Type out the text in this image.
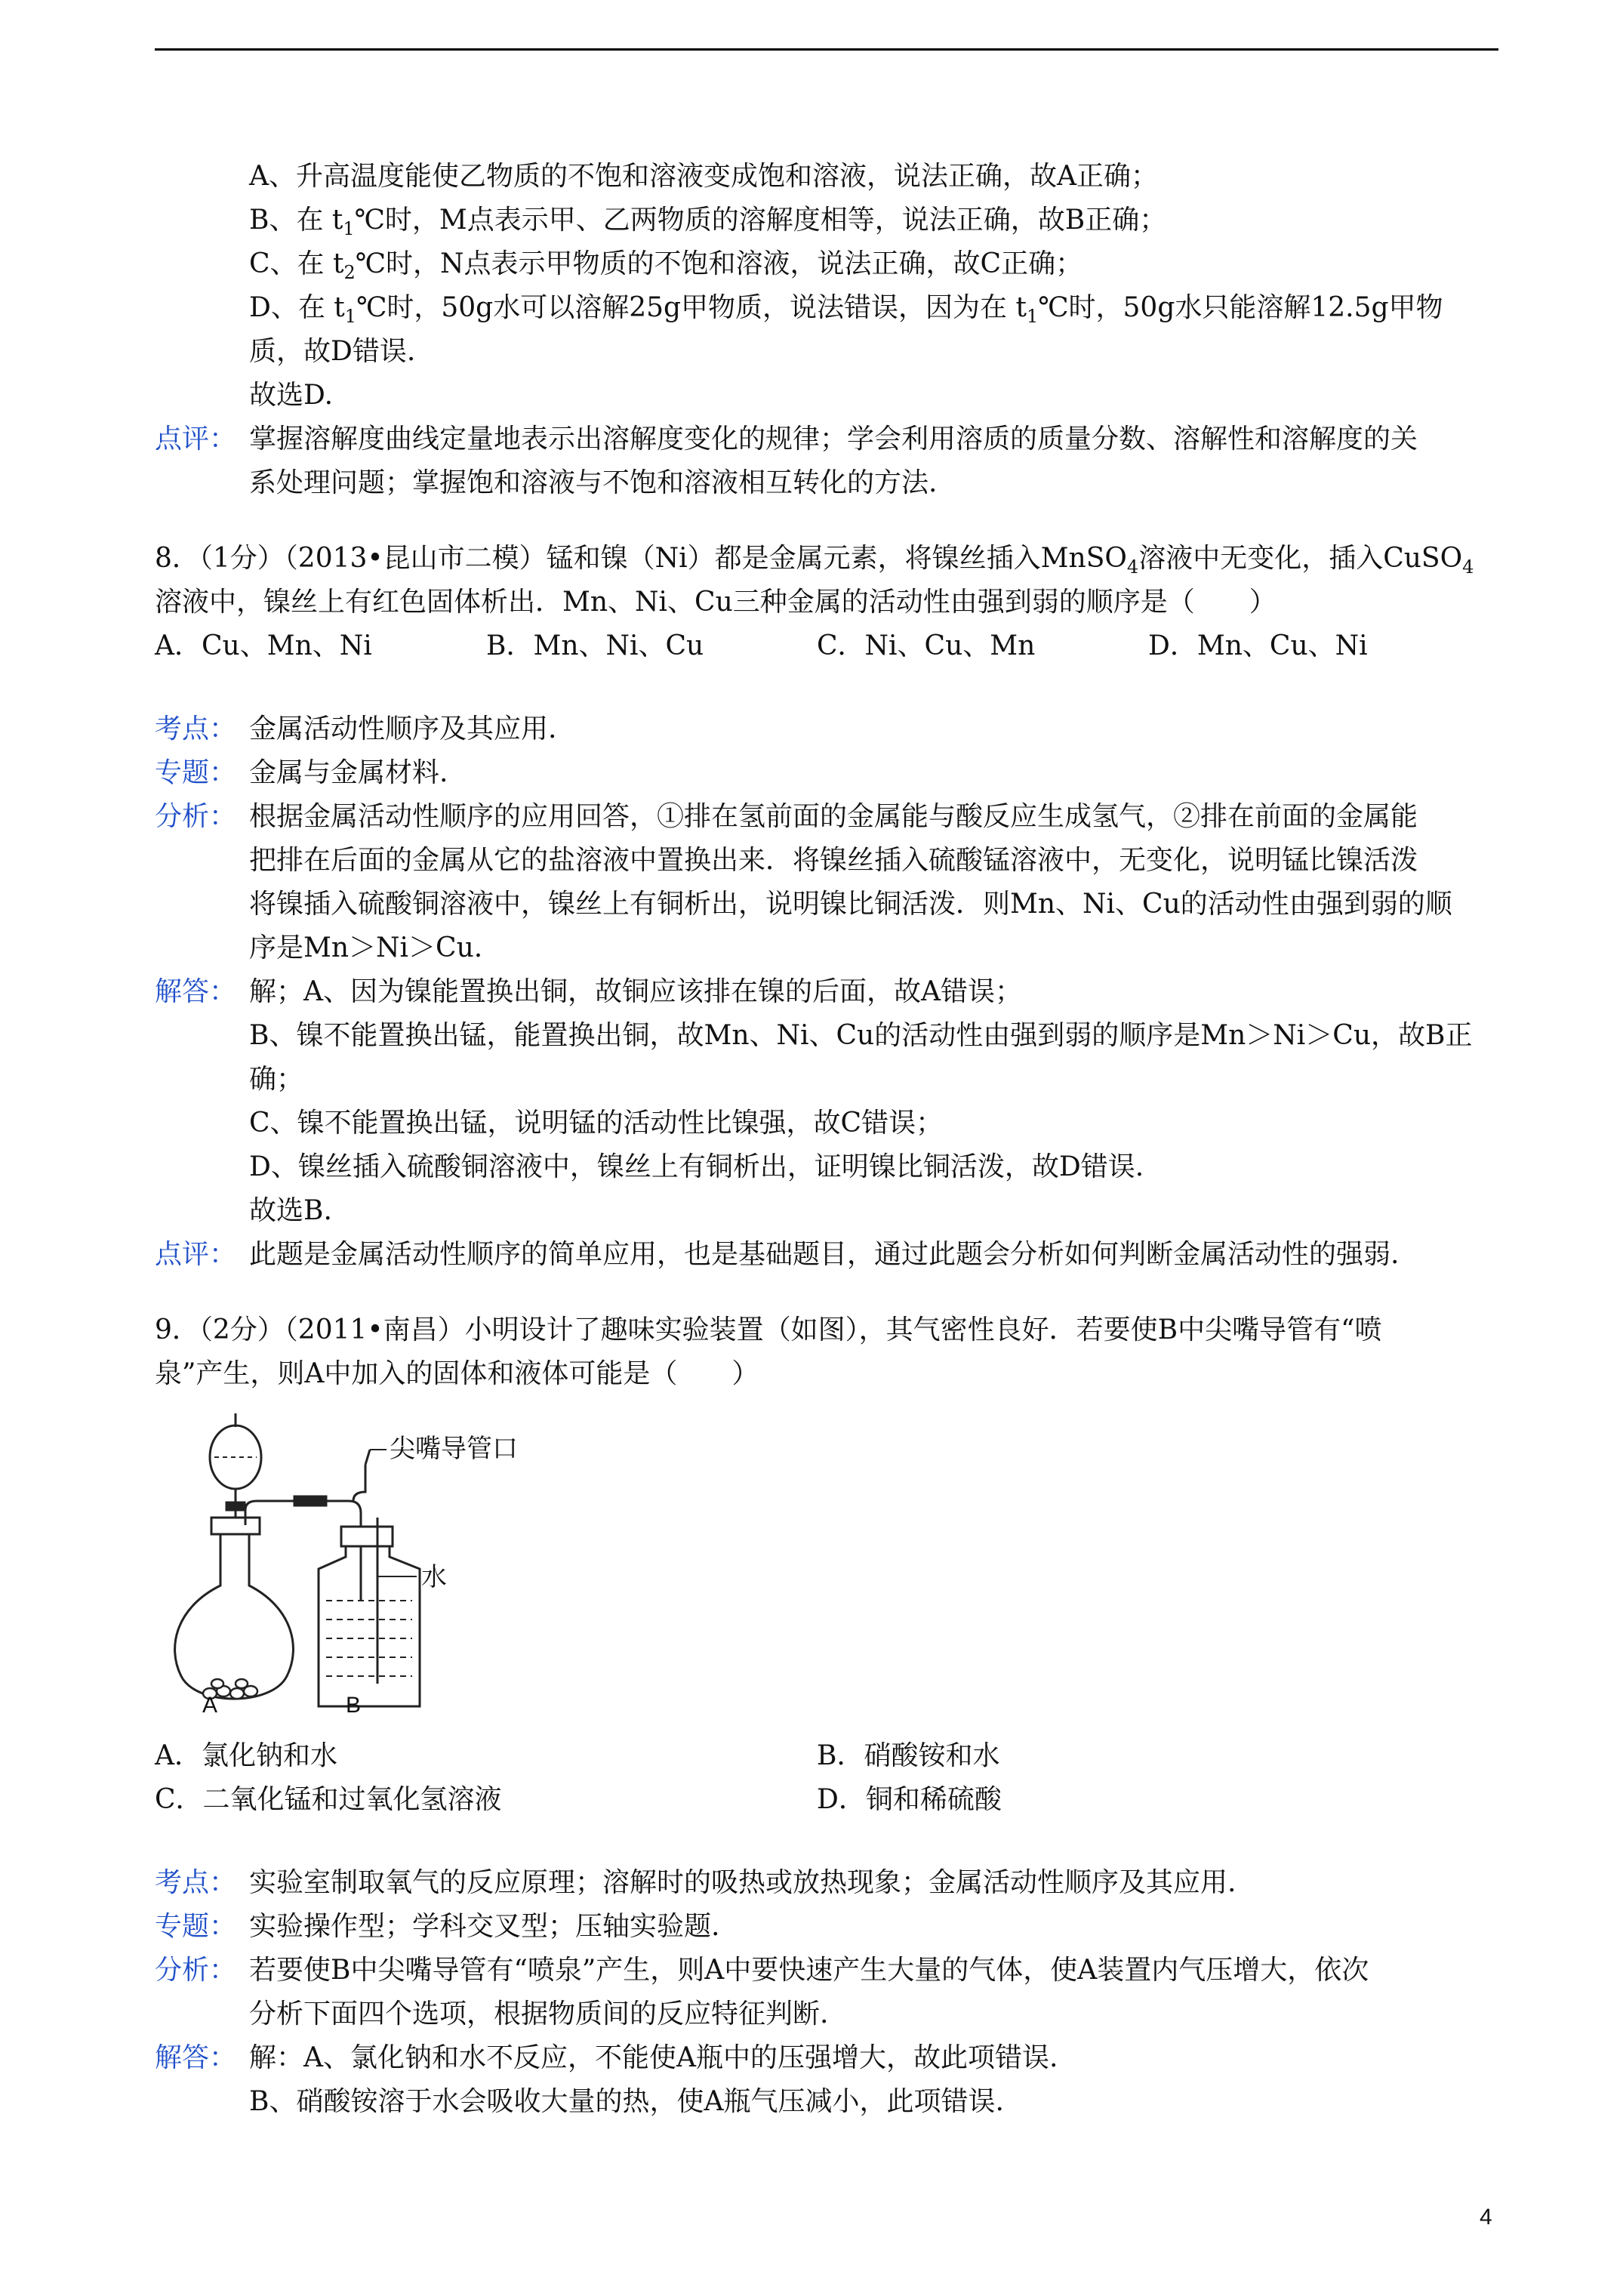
A、升高温度能使乙物质的不饱和溶液变成饱和溶液，说法正确，故A正确；
B、在 $t_1℃$时，M点表示甲、乙两物质的溶解度相等，说法正确，故B正确；
C、在 $t_2℃$时，N点表示甲物质的不饱和溶液，说法正确，故C正确；
D、在 $t_1℃$时，50g水可以溶解25g甲物质，说法错误，因为在 $t_1℃$时，50g水只能溶解12.5g甲物
质，故D错误.
故选D.
点评： 掌握溶解度曲线定量地表示出溶解度变化的规律；学会利用溶质的质量分数、溶解性和溶解度的关
系处理问题；掌握饱和溶液与不饱和溶液相互转化的方法.
8．（1分）（2013•昆山市二模）锰和镍（Ni）都是金属元素，将镍丝插入MnSO$_4$溶液中无变化，插入CuSO$_4$
溶液中，镍丝上有红色固体析出．Mn、Ni、Cu三种金属的活动性由强到弱的顺序是（　　）
A．Cu、Mn、Ni	B．Mn、Ni、Cu	C．Ni、Cu、Mn	D．Mn、Cu、Ni
考点： 金属活动性顺序及其应用.
专题： 金属与金属材料.
分析： 根据金属活动性顺序的应用回答，①排在氢前面的金属能与酸反应生成氢气，②排在前面的金属能
把排在后面的金属从它的盐溶液中置换出来．将镍丝插入硫酸锰溶液中，无变化，说明锰比镍活泼
将镍插入硫酸铜溶液中，镍丝上有铜析出，说明镍比铜活泼．则Mn、Ni、Cu的活动性由强到弱的顺
序是Mn＞Ni＞Cu.
解答： 解；A、因为镍能置换出铜，故铜应该排在镍的后面，故A错误；
B、镍不能置换出锰，能置换出铜，故Mn、Ni、Cu的活动性由强到弱的顺序是Mn＞Ni＞Cu，故B正
确；
C、镍不能置换出锰，说明锰的活动性比镍强，故C错误；
D、镍丝插入硫酸铜溶液中，镍丝上有铜析出，证明镍比铜活泼，故D错误.
故选B.
点评： 此题是金属活动性顺序的简单应用，也是基础题目，通过此题会分析如何判断金属活动性的强弱.
9．（2分）（2011•南昌）小明设计了趣味实验装置（如图），其气密性良好．若要使B中尖嘴导管有“喷
泉”产生，则A中加入的固体和液体可能是（　　）
尖嘴导管口
水
A	B
A．氯化钠和水	B．硝酸铵和水
C．二氧化锰和过氧化氢溶液	D．铜和稀硫酸
考点： 实验室制取氧气的反应原理；溶解时的吸热或放热现象；金属活动性顺序及其应用.
专题： 实验操作型；学科交叉型；压轴实验题.
分析： 若要使B中尖嘴导管有“喷泉”产生，则A中要快速产生大量的气体，使A装置内气压增大，依次
分析下面四个选项，根据物质间的反应特征判断.
解答： 解：A、氯化钠和水不反应，不能使A瓶中的压强增大，故此项错误.
B、硝酸铵溶于水会吸收大量的热，使A瓶气压减小，此项错误.
4
